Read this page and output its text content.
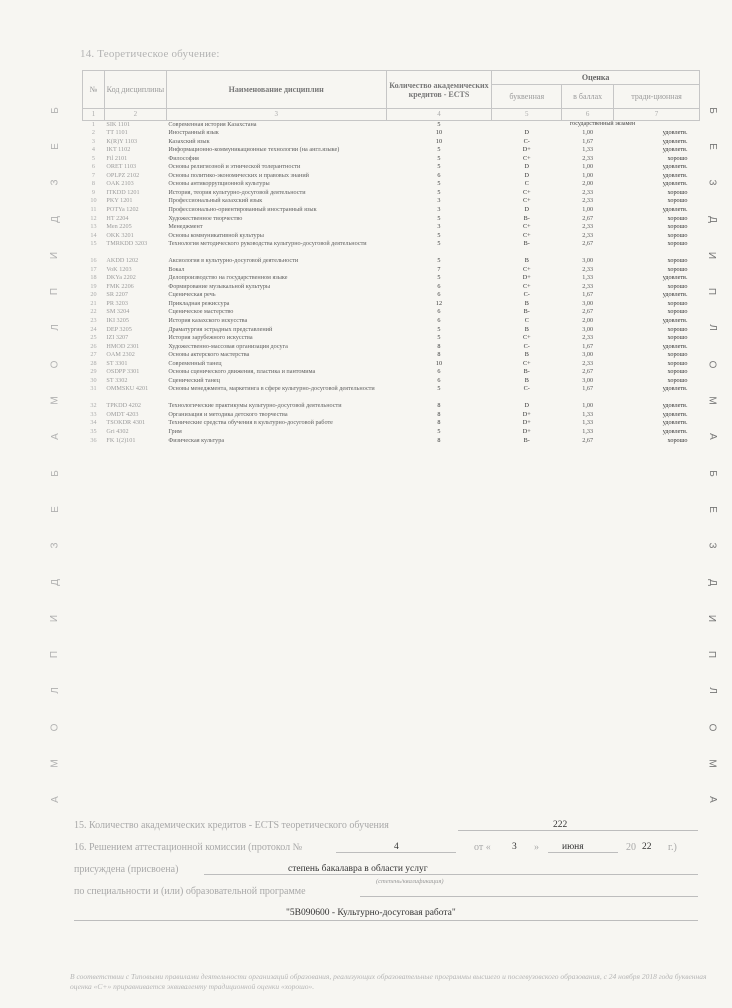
14. Теоретическое обучение:
Б
Е
З
Д
И
П
Л
О
М
А
Б
Е
З
Д
И
П
Л
О
М
А
Б
Е
З
Д
И
П
Л
О
М
А
Б
Е
З
Д
И
П
Л
О
М
А
№	Код дисциплины	Наименование дисциплин	Количество академических кредитов - ECTS	Оценка		
				буквенная	в баллах	тради-ционная
1	2	3	4	5	6	7
1	SIK 1101	Современная история Казахстана	5	государственный экзамен		
2	ТТ 1101	Иностранный язык	10	D	1,00	удовлетв.
3	K(R)Y 1103	Казахский язык	10	C-	1,67	удовлетв.
4	IKT 1102	Информационно-коммуникационные технологии (на англ.языке)	5	D+	1,33	удовлетв.
5	Fil 2101	Философия	5	C+	2,33	хорошо
6	ORET 1103	Основы религиозной и этнической толерантности	5	D	1,00	удовлетв.
7	OPLPZ 2102	Основы политико-экономических и правовых знаний	6	D	1,00	удовлетв.
8	OAK 2103	Основы антикоррупционной культуры	5	C	2,00	удовлетв.
9	ITKDD 1201	История, теория культурно-досуговой деятельности	5	C+	2,33	хорошо
10	PKY 1201	Профессиональный казахский язык	3	C+	2,33	хорошо
11	POTYa 1202	Профессионально-ориентированный иностранный язык	3	D	1,00	удовлетв.
12	HT 2204	Художественное творчество	5	B-	2,67	хорошо
13	Men 2205	Менеджмент	3	C+	2,33	хорошо
14	OKK 3201	Основы коммуникативной культуры	5	C+	2,33	хорошо
15	TMRKDD 3203	Технология методического руководства культурно-досуговой деятельности	5	B-	2,67	хорошо
16	AKDD 1202	Аксиология в культурно-досуговой деятельности	5	B	3,00	хорошо
17	VoK 1203	Вокал	7	C+	2,33	хорошо
18	DKYa 2202	Делопроизводство на государственном языке	5	D+	1,33	удовлетв.
19	FMK 2206	Формирование музыкальной культуры	6	C+	2,33	хорошо
20	SR 2207	Сценическая речь	6	C-	1,67	удовлетв.
21	PR 3203	Прикладная режиссура	12	B	3,00	хорошо
22	SM 3204	Сценическое мастерство	6	B-	2,67	хорошо
23	IKI 3205	История казахского искусства	6	C	2,00	удовлетв.
24	DEP 3205	Драматургия эстрадных представлений	5	B	3,00	хорошо
25	IZI 3207	История зарубежного искусства	5	C+	2,33	хорошо
26	HMOD 2301	Художественно-массовая организация досуга	8	C-	1,67	удовлетв.
27	OAM 2302	Основы актерского мастерства	8	B	3,00	хорошо
28	ST 3301	Современный танец	10	C+	2,33	хорошо
29	OSDPP 3301	Основы сценического движения, пластика и пантомима	6	B-	2,67	хорошо
30	ST 3302	Сценический танец	6	B	3,00	хорошо
31	OMMSKU 4201	Основы менеджмента, маркетинга в сфере культурно-досуговой деятельности	5	C-	1,67	удовлетв.
32	TPKDD 4202	Технологические практикумы культурно-досуговой деятельности	8	D	1,00	удовлетв.
33	OMDT 4203	Организация и методика детского творчества	8	D+	1,33	удовлетв.
34	TSOKDR 4301	Технические средства обучения в культурно-досуговой работе	8	D+	1,33	удовлетв.
35	Gri 4302	Грим	5	D+	1,33	удовлетв.
36	FK 1(2)101	Физическая культура	8	B-	2,67	хорошо
15. Количество академических кредитов - ECTS теоретического обучения	222
16. Решением аттестационной комиссии (протокол №	4	от « 3 » июня	20 22 г.)
присуждена (присвоена)	степень бакалавра в области услуг
(степень/квалификация)
по специальности и (или) образовательной программе
"5В090600 - Культурно-досуговая работа"
В соответствии с Типовыми правилами деятельности организаций образования, реализующих образовательные программы высшего и послевузовского образования, с 24 ноября 2018 года буквенная оценка «С+» приравнивается эквиваленту традиционной оценки «хорошо».
